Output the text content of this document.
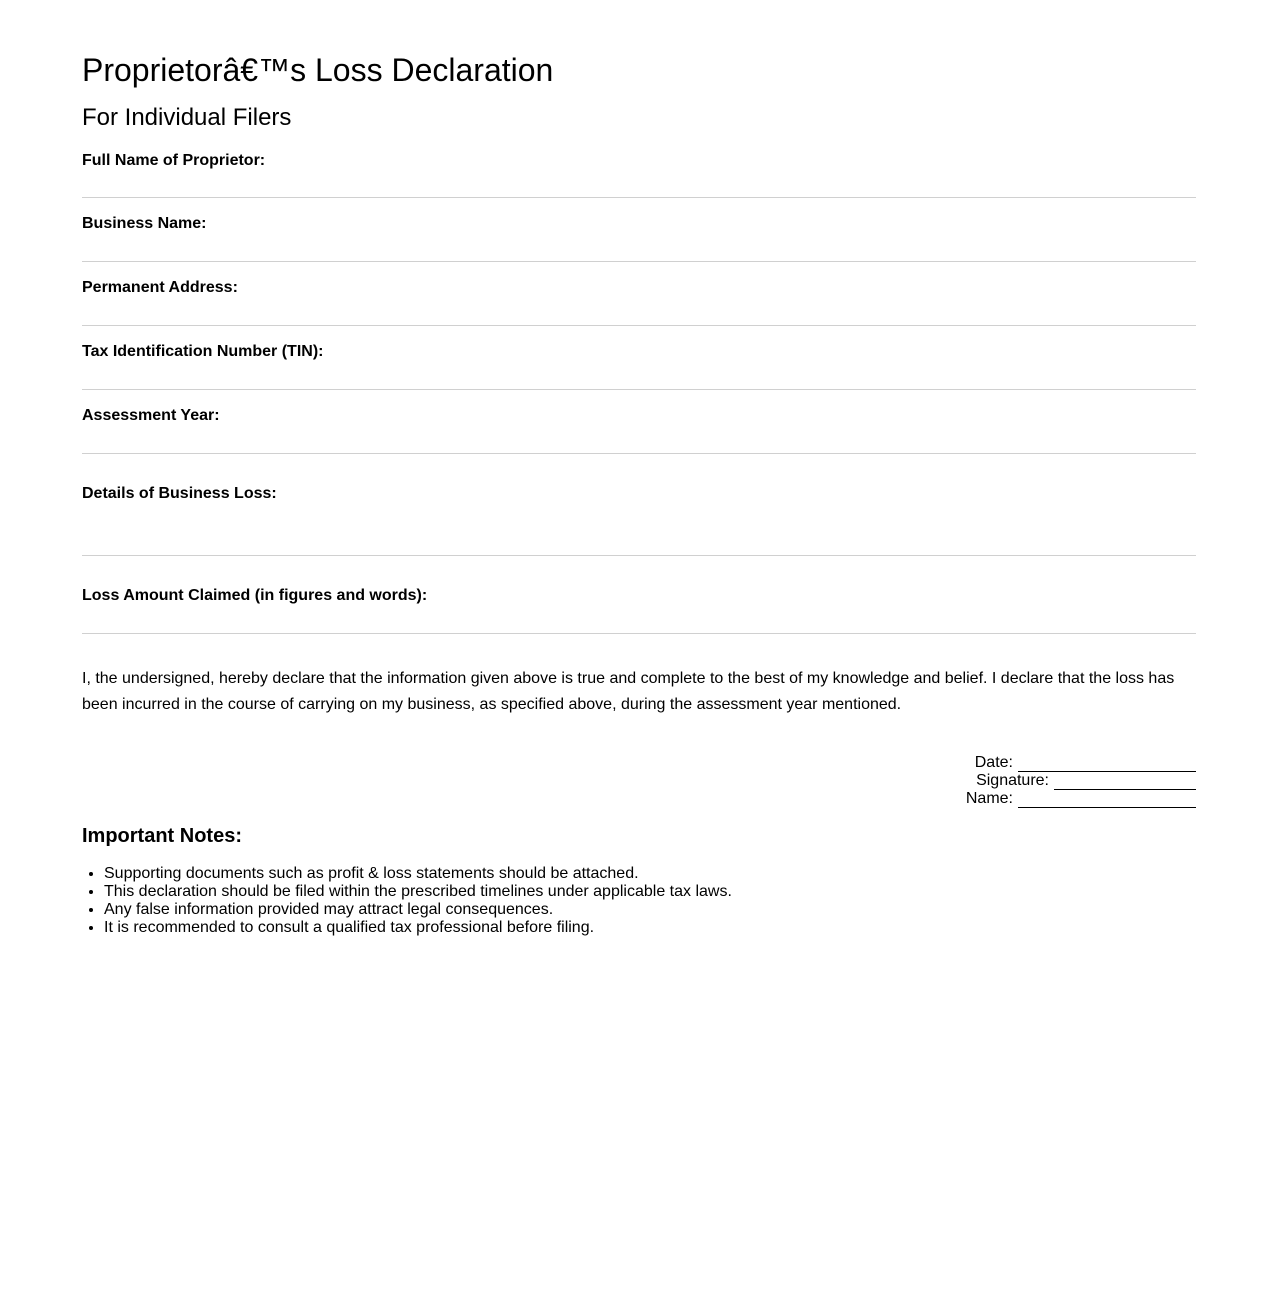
Proprietorâ€™s Loss Declaration
For Individual Filers
Full Name of Proprietor:
Business Name:
Permanent Address:
Tax Identification Number (TIN):
Assessment Year:
Details of Business Loss:
Loss Amount Claimed (in figures and words):

I, the undersigned, hereby declare that the information given above is true and complete to the best of my knowledge and belief. I declare that the loss has been incurred in the course of carrying on my business, as specified above, during the assessment year mentioned.

Date:
Signature:
Name:
Important Notes:
• Supporting documents such as profit & loss statements should be attached.
• This declaration should be filed within the prescribed timelines under applicable tax laws.
• Any false information provided may attract legal consequences.
• It is recommended to consult a qualified tax professional before filing.
